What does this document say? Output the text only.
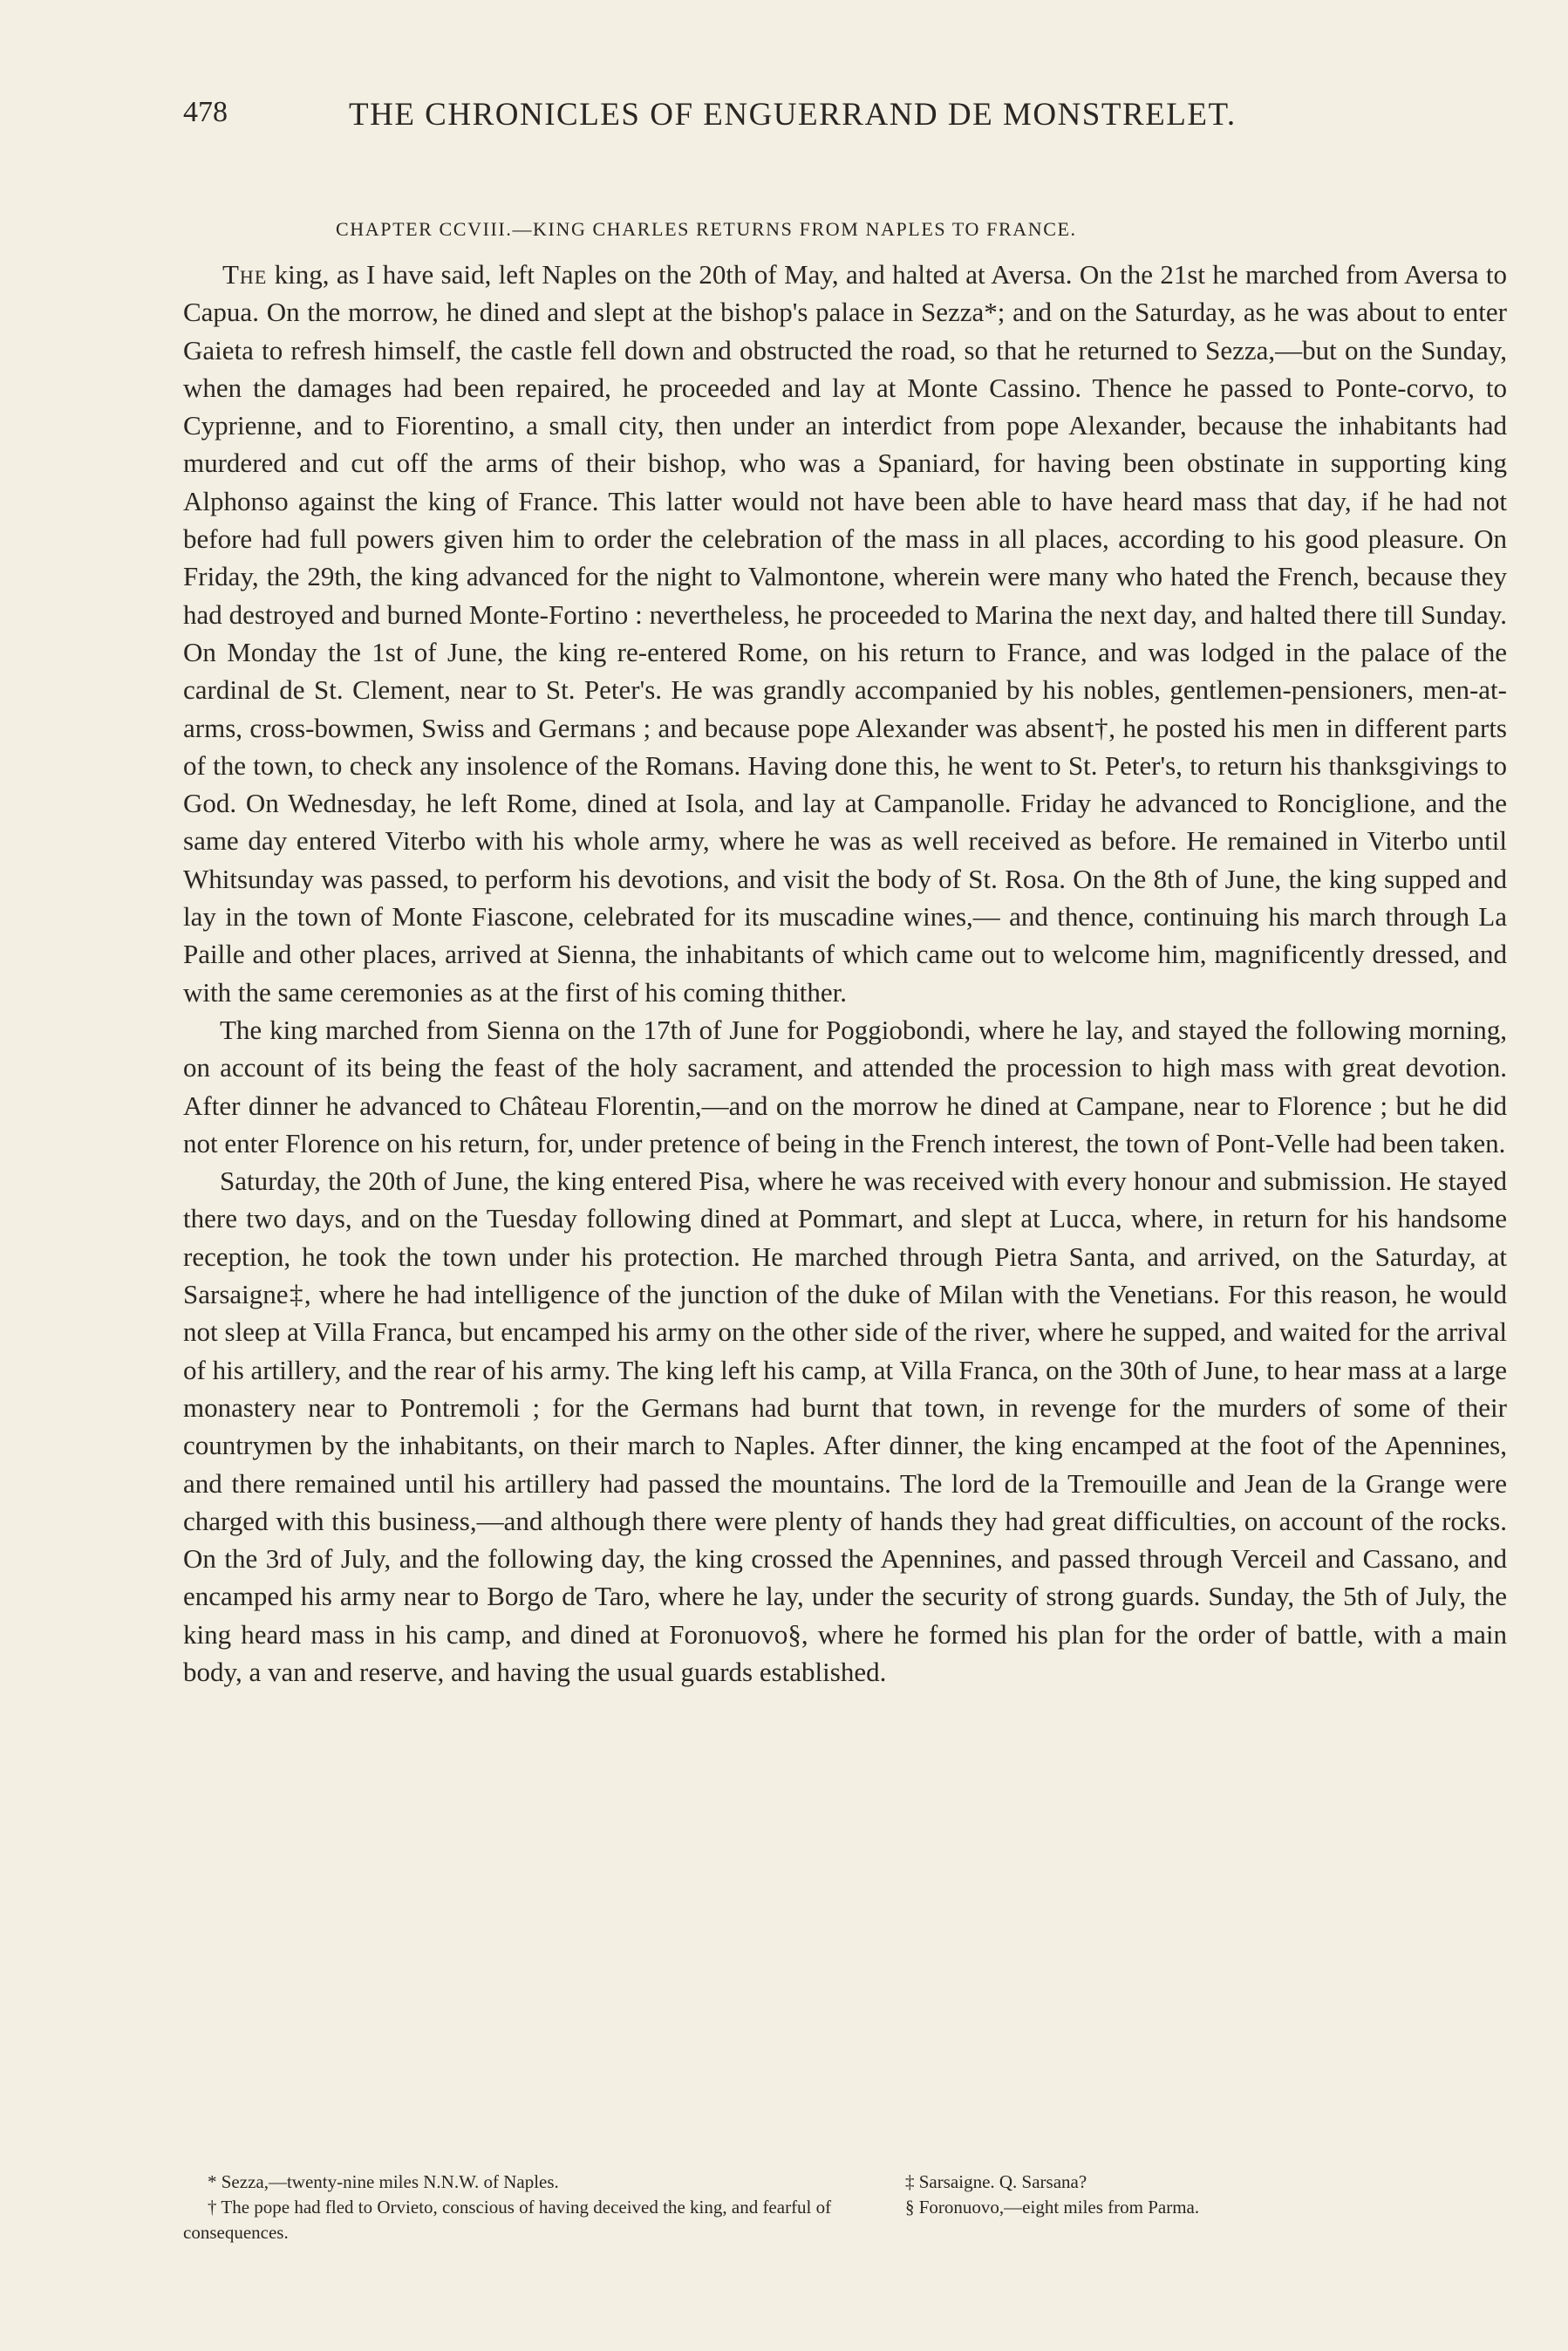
478	THE CHRONICLES OF ENGUERRAND DE MONSTRELET.
CHAPTER CCVIII.—KING CHARLES RETURNS FROM NAPLES TO FRANCE.

The king, as I have said, left Naples on the 20th of May, and halted at Aversa. On the 21st he marched from Aversa to Capua. On the morrow, he dined and slept at the bishop's palace in Sezza*; and on the Saturday, as he was about to enter Gaieta to refresh himself, the castle fell down and obstructed the road, so that he returned to Sezza,—but on the Sunday, when the damages had been repaired, he proceeded and lay at Monte Cassino. Thence he passed to Ponte-corvo, to Cyprienne, and to Fiorentino, a small city, then under an interdict from pope Alexander, because the inhabitants had murdered and cut off the arms of their bishop, who was a Spaniard, for having been obstinate in supporting king Alphonso against the king of France. This latter would not have been able to have heard mass that day, if he had not before had full powers given him to order the celebration of the mass in all places, according to his good pleasure. On Friday, the 29th, the king advanced for the night to Valmontone, wherein were many who hated the French, because they had destroyed and burned Monte-Fortino : nevertheless, he proceeded to Marina the next day, and halted there till Sunday. On Monday the 1st of June, the king re-entered Rome, on his return to France, and was lodged in the palace of the cardinal de St. Clement, near to St. Peter's. He was grandly accompanied by his nobles, gentlemen-pensioners, men-at-arms, cross-bowmen, Swiss and Germans ; and because pope Alexander was absent†, he posted his men in different parts of the town, to check any insolence of the Romans. Having done this, he went to St. Peter's, to return his thanksgivings to God. On Wednesday, he left Rome, dined at Isola, and lay at Campanolle. Friday he advanced to Ronciglione, and the same day entered Viterbo with his whole army, where he was as well received as before. He remained in Viterbo until Whitsunday was passed, to perform his devotions, and visit the body of St. Rosa. On the 8th of June, the king supped and lay in the town of Monte Fiascone, celebrated for its muscadine wines,— and thence, continuing his march through La Paille and other places, arrived at Sienna, the inhabitants of which came out to welcome him, magnificently dressed, and with the same ceremonies as at the first of his coming thither.

The king marched from Sienna on the 17th of June for Poggiobondi, where he lay, and stayed the following morning, on account of its being the feast of the holy sacrament, and attended the procession to high mass with great devotion. After dinner he advanced to Château Florentin,—and on the morrow he dined at Campane, near to Florence ; but he did not enter Florence on his return, for, under pretence of being in the French interest, the town of Pont-Velle had been taken.

Saturday, the 20th of June, the king entered Pisa, where he was received with every honour and submission. He stayed there two days, and on the Tuesday following dined at Pommart, and slept at Lucca, where, in return for his handsome reception, he took the town under his protection. He marched through Pietra Santa, and arrived, on the Saturday, at Sarsaigne‡, where he had intelligence of the junction of the duke of Milan with the Venetians. For this reason, he would not sleep at Villa Franca, but encamped his army on the other side of the river, where he supped, and waited for the arrival of his artillery, and the rear of his army. The king left his camp, at Villa Franca, on the 30th of June, to hear mass at a large monastery near to Pontremoli ; for the Germans had burnt that town, in revenge for the murders of some of their countrymen by the inhabitants, on their march to Naples. After dinner, the king encamped at the foot of the Apennines, and there remained until his artillery had passed the mountains. The lord de la Tremouille and Jean de la Grange were charged with this business,—and although there were plenty of hands they had great difficulties, on account of the rocks. On the 3rd of July, and the following day, the king crossed the Apennines, and passed through Verceil and Cassano, and encamped his army near to Borgo de Taro, where he lay, under the security of strong guards. Sunday, the 5th of July, the king heard mass in his camp, and dined at Foronuovo§, where he formed his plan for the order of battle, with a main body, a van and reserve, and having the usual guards established.

* Sezza,—twenty-nine miles N.N.W. of Naples.
† The pope had fled to Orvieto, conscious of having deceived the king, and fearful of consequences.
‡ Sarsaigne. Q. Sarsana?
§ Foronuovo,—eight miles from Parma.
